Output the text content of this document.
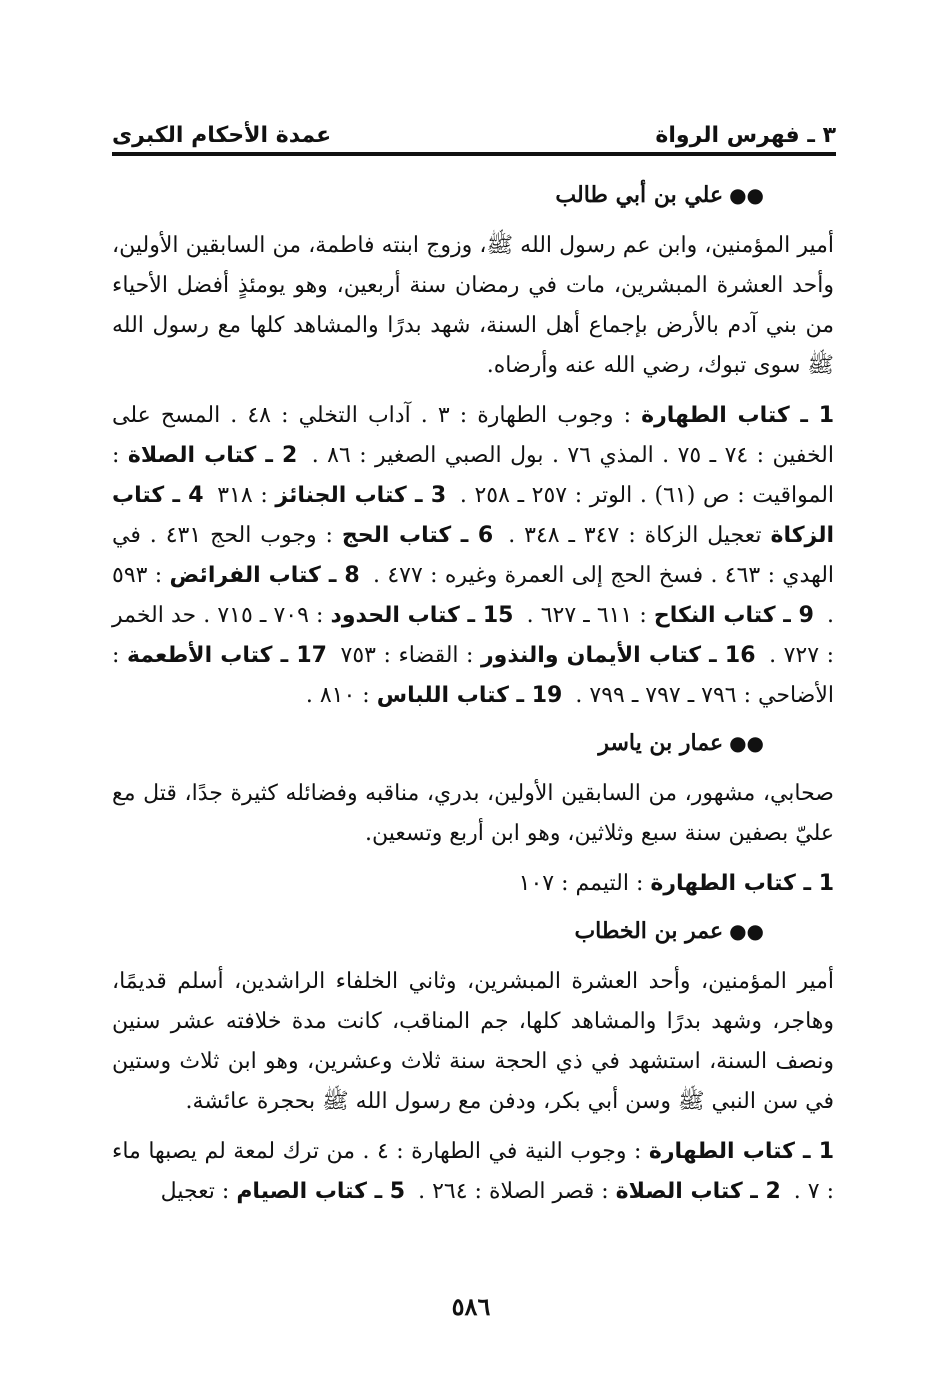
٣ ـ فهرس الرواة
عمدة الأحكام الكبرى
●●علي بن أبي طالب

أمير المؤمنين، وابن عم رسول الله ﷺ، وزوج ابنته فاطمة، من السابقين الأولين، وأحد العشرة المبشرين، مات في رمضان سنة أربعين، وهو يومئذٍ أفضل الأحياء من بني آدم بالأرض بإجماع أهل السنة، شهد بدرًا والمشاهد كلها مع رسول الله ﷺ سوى تبوك، رضي الله عنه وأرضاه.

1 ـ كتاب الطهارة : وجوب الطهارة : ٣ . آداب التخلي : ٤٨ . المسح على الخفين : ٧٤ ـ ٧٥ . المذي ٧٦ . بول الصبي الصغير : ٨٦ . 2 ـ كتاب الصلاة : المواقيت : ص (٦١) . الوتر : ٢٥٧ ـ ٢٥٨ . 3 ـ كتاب الجنائز : ٣١٨ 4 ـ كتاب الزكاة تعجيل الزكاة : ٣٤٧ ـ ٣٤٨ . 6 ـ كتاب الحج : وجوب الحج ٤٣١ . في الهدي : ٤٦٣ . فسخ الحج إلى العمرة وغيره : ٤٧٧ . 8 ـ كتاب الفرائض : ٥٩٣ . 9 ـ كتاب النكاح : ٦١١ ـ ٦٢٧ . 15 ـ كتاب الحدود : ٧٠٩ ـ ٧١٥ . حد الخمر : ٧٢٧ . 16 ـ كتاب الأيمان والنذور : القضاء : ٧٥٣ 17 ـ كتاب الأطعمة : الأضاحي : ٧٩٦ ـ ٧٩٧ ـ ٧٩٩ . 19 ـ كتاب اللباس : ٨١٠ .

●●عمار بن ياسر

صحابي، مشهور، من السابقين الأولين، بدري، مناقبه وفضائله كثيرة جدًا، قتل مع عليّ بصفين سنة سبع وثلاثين، وهو ابن أربع وتسعين.

1 ـ كتاب الطهارة : التيمم : ١٠٧

●●عمر بن الخطاب

أمير المؤمنين، وأحد العشرة المبشرين، وثاني الخلفاء الراشدين، أسلم قديمًا، وهاجر، وشهد بدرًا والمشاهد كلها، جم المناقب، كانت مدة خلافته عشر سنين ونصف السنة، استشهد في ذي الحجة سنة ثلاث وعشرين، وهو ابن ثلاث وستين في سن النبي ﷺ وسن أبي بكر، ودفن مع رسول الله ﷺ بحجرة عائشة.

1 ـ كتاب الطهارة : وجوب النية في الطهارة : ٤ . من ترك لمعة لم يصبها ماء : ٧ . 2 ـ كتاب الصلاة : قصر الصلاة : ٢٦٤ . 5 ـ كتاب الصيام : تعجيل

٥٨٦
